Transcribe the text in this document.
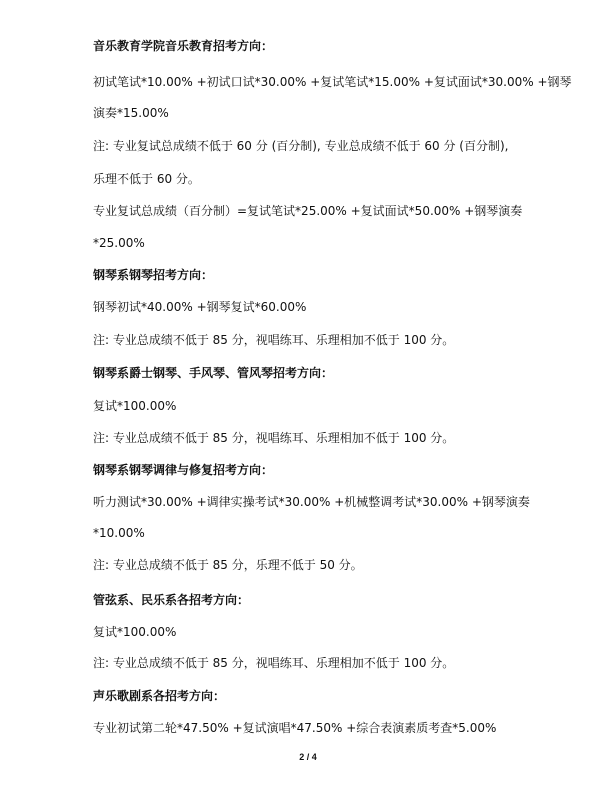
音乐教育学院音乐教育招考方向：
初试笔试*10.00% +初试口试*30.00% +复试笔试*15.00% +复试面试*30.00% +钢琴
演奏*15.00%
注: 专业复试总成绩不低于 60 分 (百分制), 专业总成绩不低于 60 分 (百分制),
乐理不低于 60 分。
专业复试总成绩（百分制）=复试笔试*25.00% +复试面试*50.00% +钢琴演奏
*25.00%
钢琴系钢琴招考方向：
钢琴初试*40.00% +钢琴复试*60.00%
注: 专业总成绩不低于 85 分，视唱练耳、乐理相加不低于 100 分。
钢琴系爵士钢琴、手风琴、管风琴招考方向：
复试*100.00%
注: 专业总成绩不低于 85 分，视唱练耳、乐理相加不低于 100 分。
钢琴系钢琴调律与修复招考方向：
听力测试*30.00% +调律实操考试*30.00% +机械整调考试*30.00% +钢琴演奏
*10.00%
注: 专业总成绩不低于 85 分，乐理不低于 50 分。
管弦系、民乐系各招考方向：
复试*100.00%
注: 专业总成绩不低于 85 分，视唱练耳、乐理相加不低于 100 分。
声乐歌剧系各招考方向：
专业初试第二轮*47.50% +复试演唱*47.50% +综合表演素质考查*5.00%
2 / 4
